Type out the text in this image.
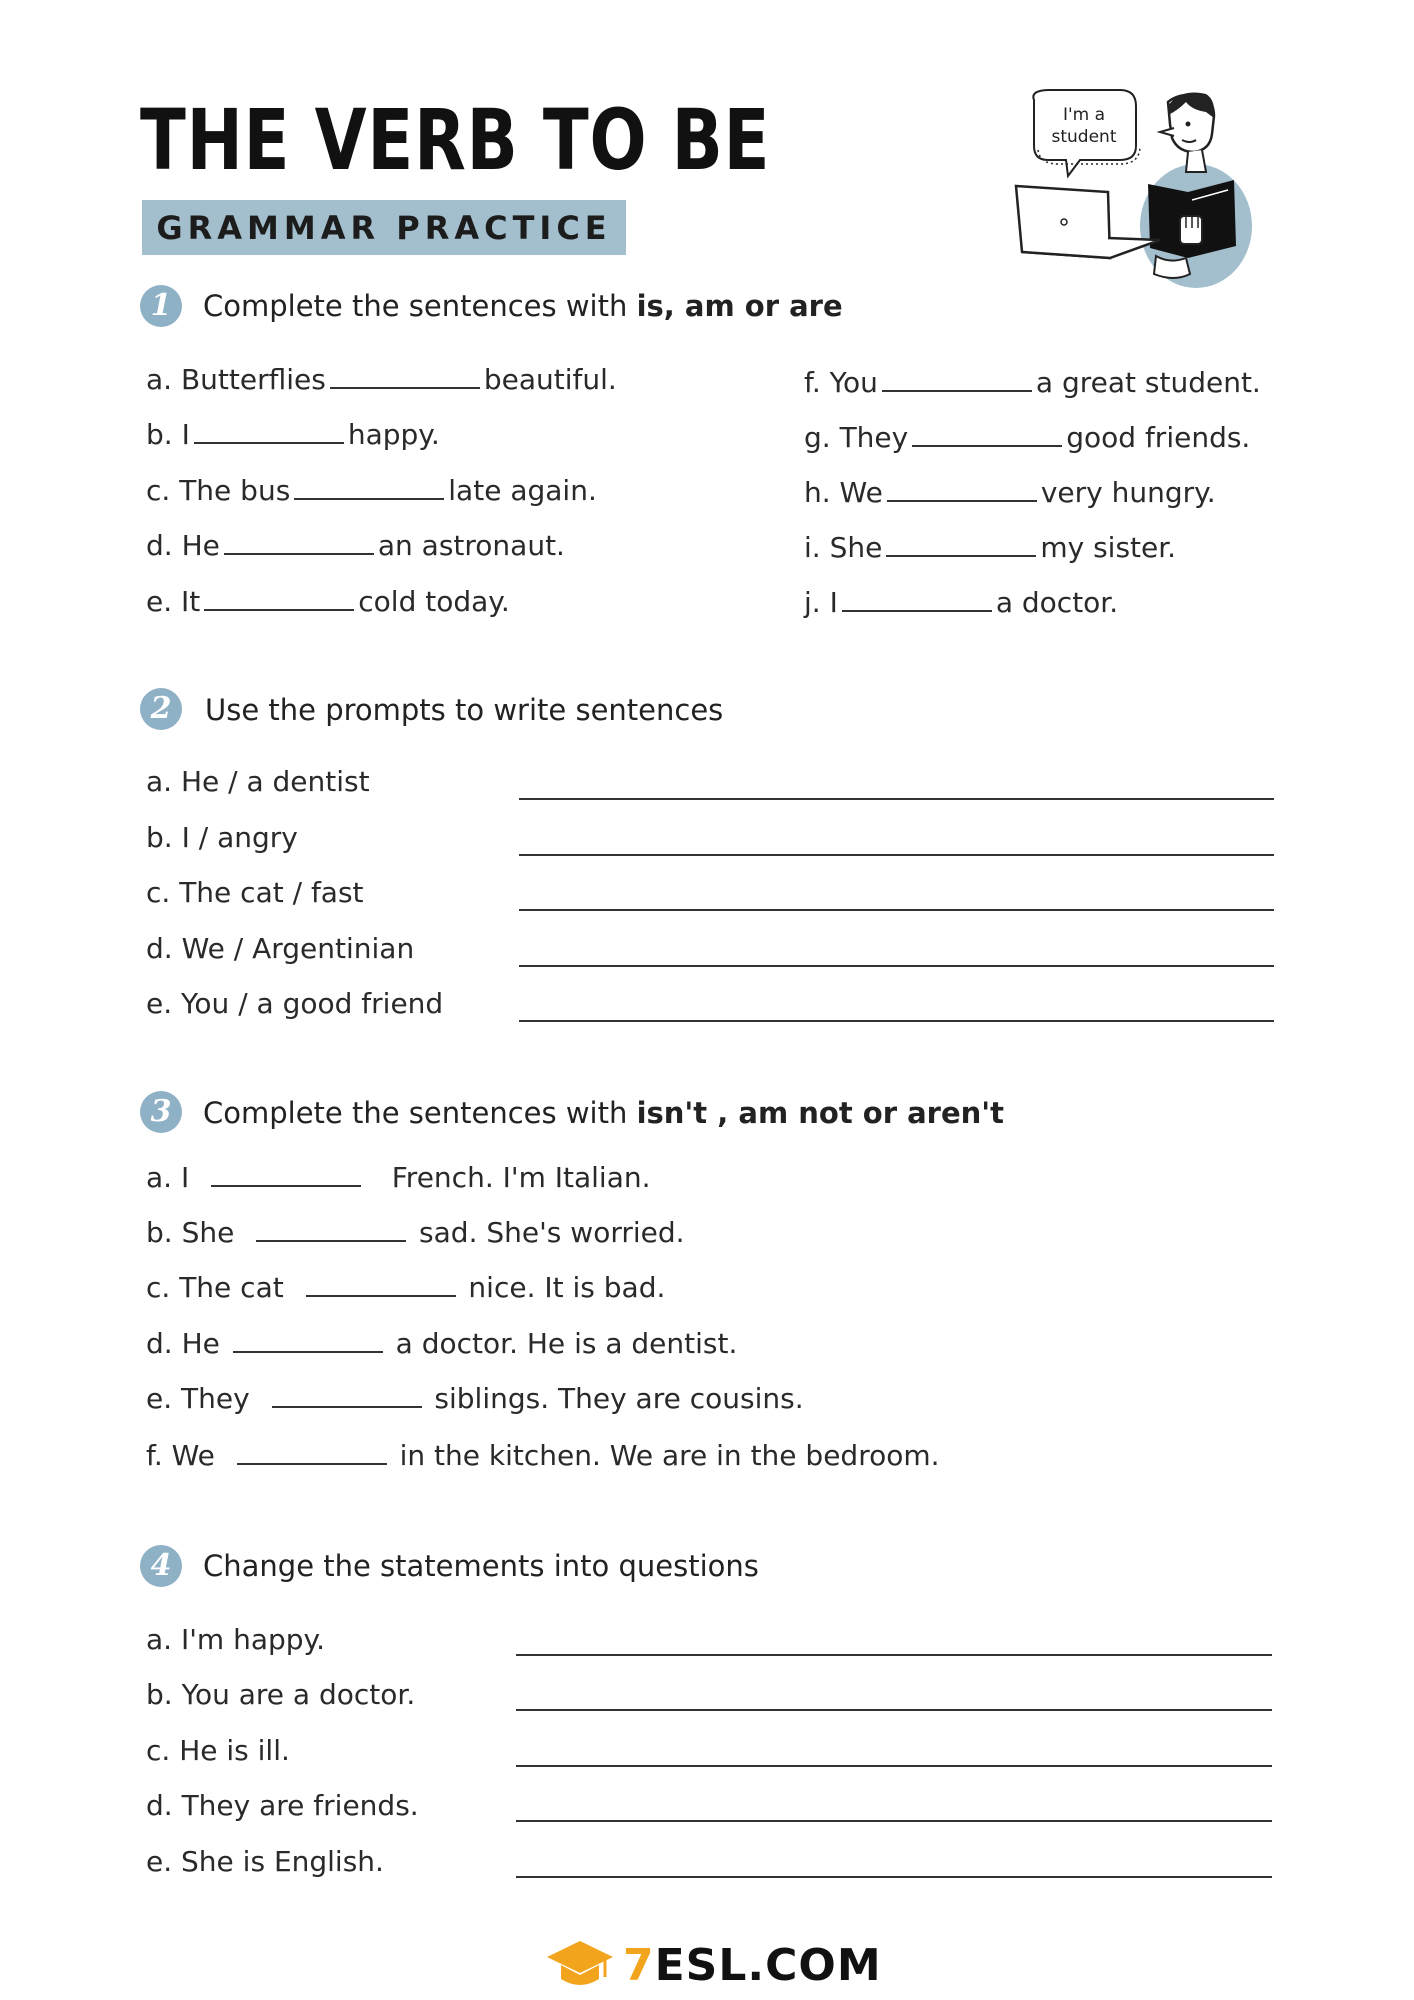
THE VERB TO BE
GRAMMAR PRACTICE
I'm a
student
1	Complete the sentences with is, am or are
a. Butterflies	beautiful.
b. I	happy.
c. The bus	late again.
d. He	an astronaut.
e. It	cold today.
f. You	a great student.
g. They	good friends.
h. We	very hungry.
i. She	my sister.
j. I	a doctor.
2	Use the prompts to write sentences
a. He / a dentist
b. I / angry
c. The cat / fast
d. We / Argentinian
e. You / a good friend
3	Complete the sentences with isn't , am not or aren't
a. I	French. I'm Italian.
b. She	sad. She's worried.
c. The cat	nice. It is bad.
d. He	a doctor. He is a dentist.
e. They	siblings. They are cousins.
f. We	in the kitchen. We are in the bedroom.
4	Change the statements into questions
a. I'm happy.
b. You are a doctor.
c. He is ill.
d. They are friends.
e. She is English.
7ESL.COM
